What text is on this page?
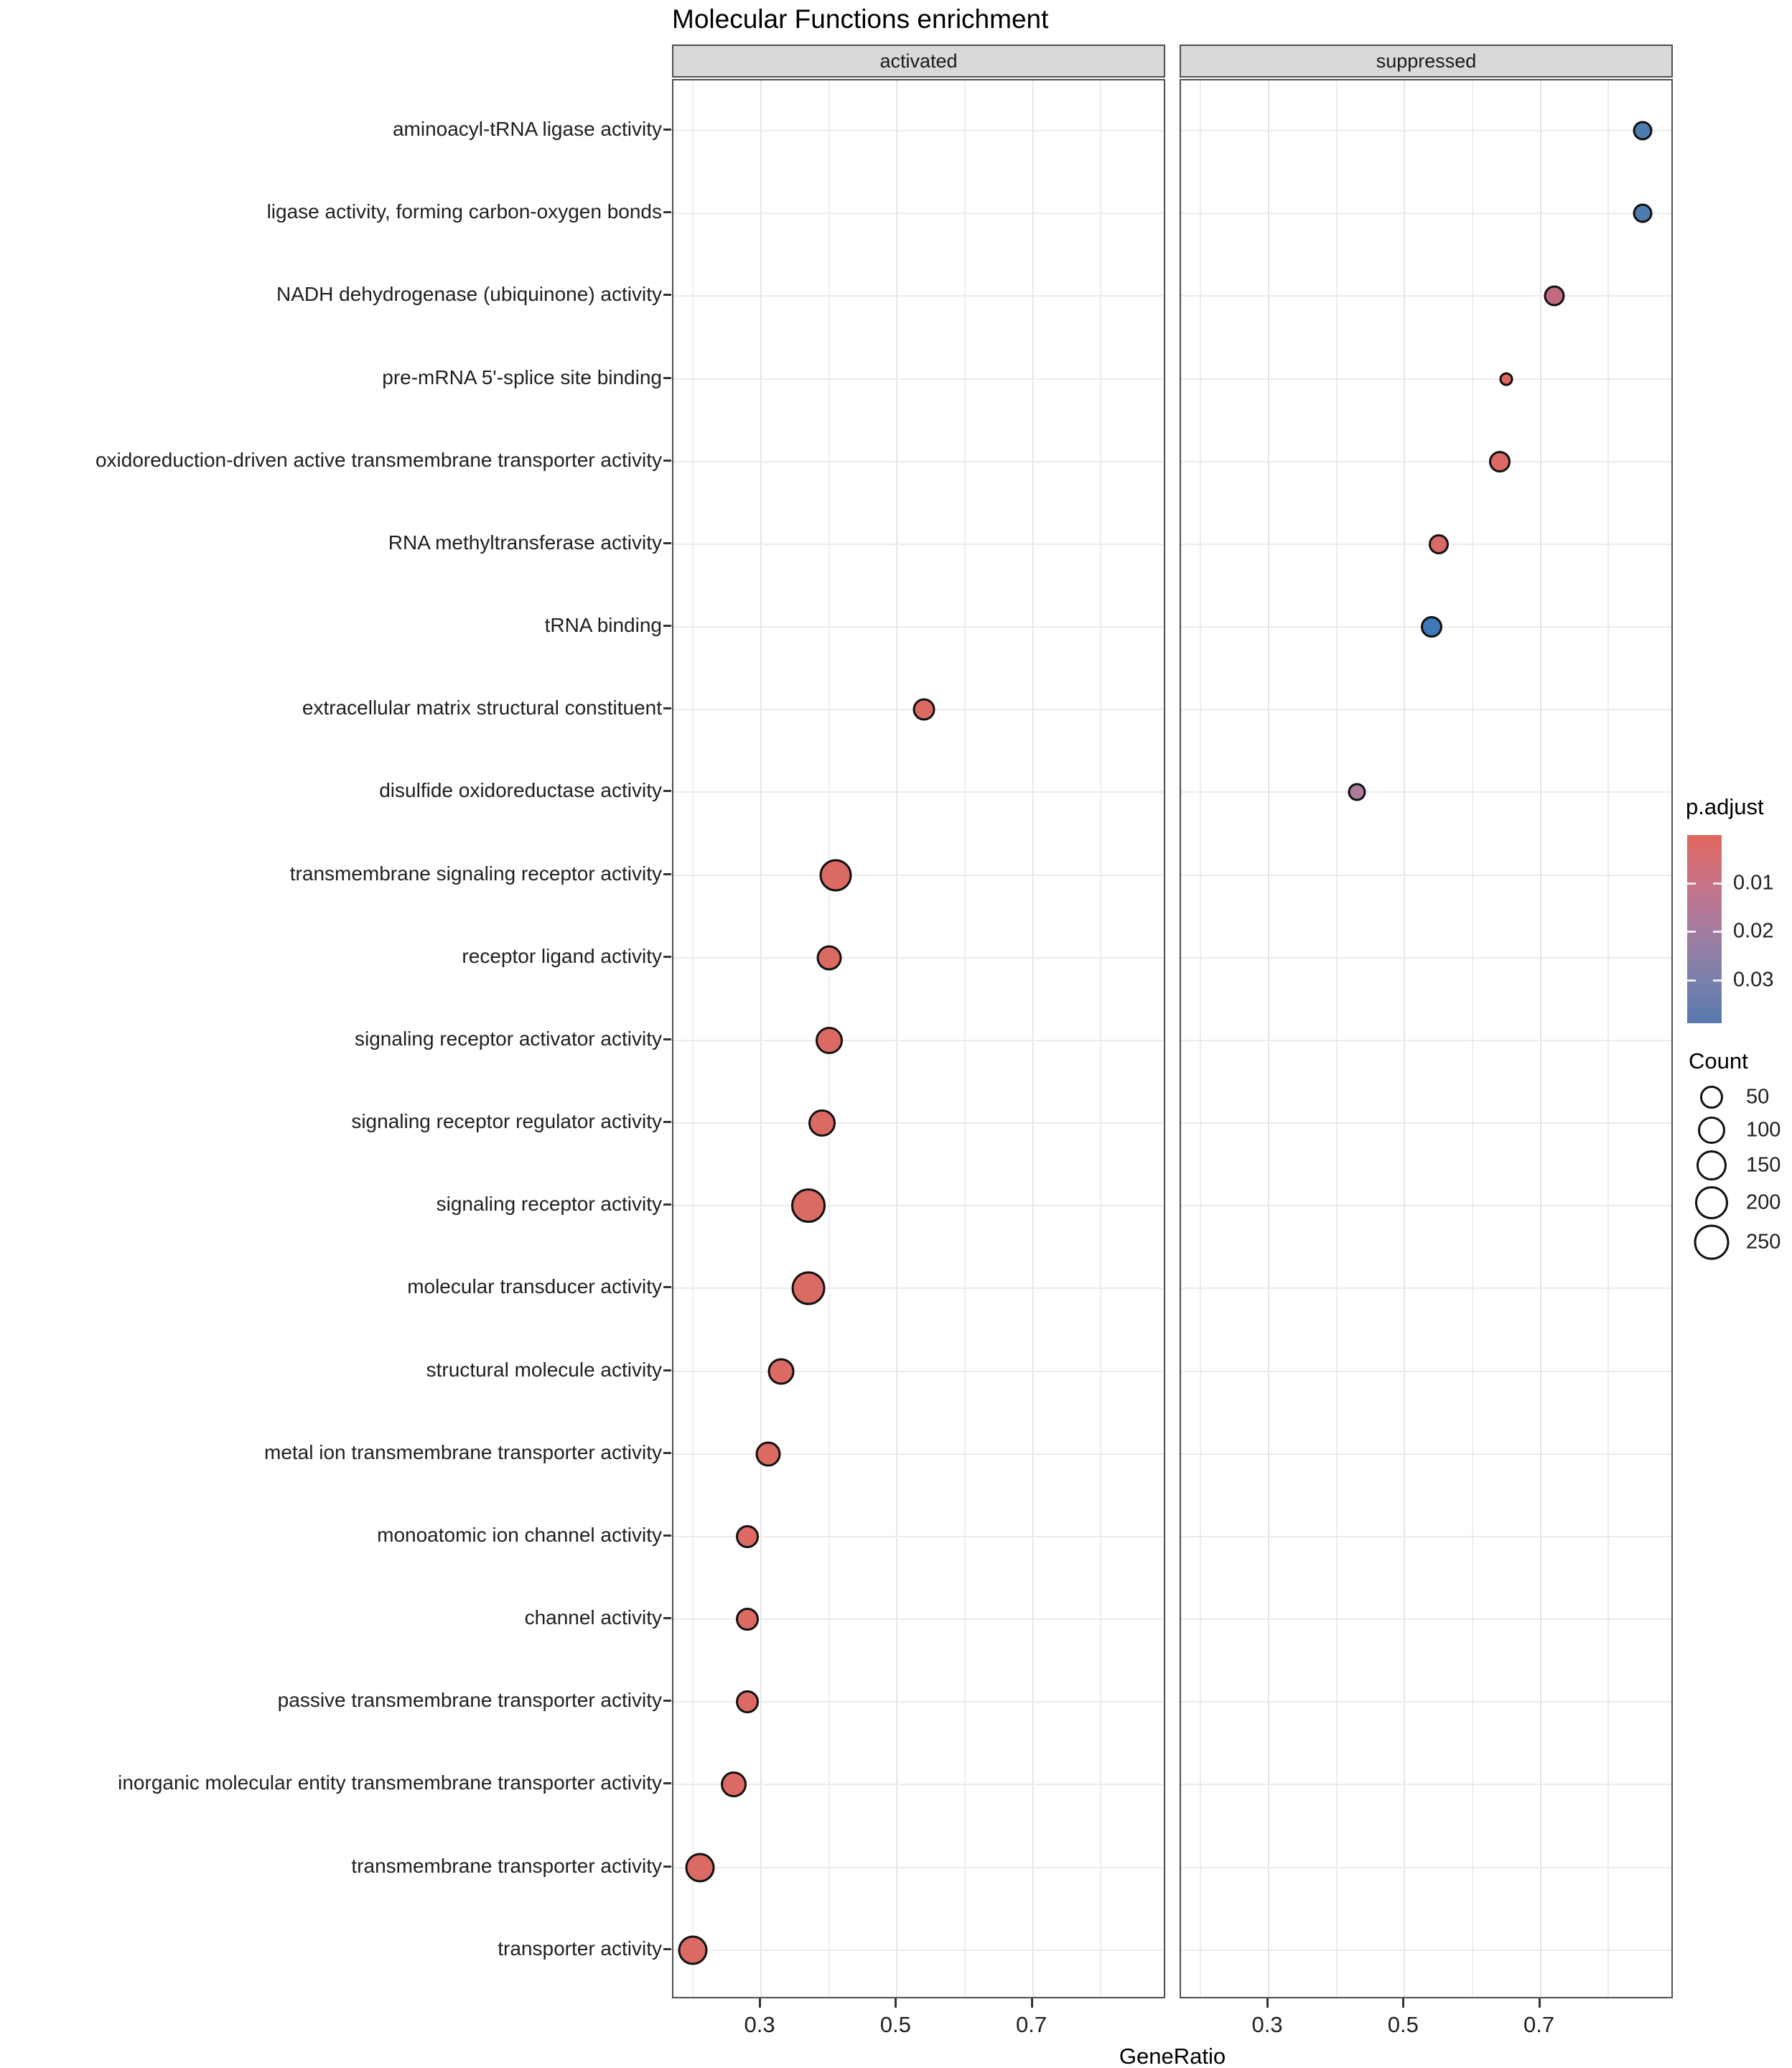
Molecular Functions enrichment
activated	suppressed
aminoacyl-tRNA ligase activity
ligase activity, forming carbon-oxygen bonds
NADH dehydrogenase (ubiquinone) activity
pre-mRNA 5'-splice site binding
oxidoreduction-driven active transmembrane transporter activity
RNA methyltransferase activity
tRNA binding
extracellular matrix structural constituent
disulfide oxidoreductase activity
transmembrane signaling receptor activity
receptor ligand activity
signaling receptor activator activity
signaling receptor regulator activity
signaling receptor activity
molecular transducer activity
structural molecule activity
metal ion transmembrane transporter activity
monoatomic ion channel activity
channel activity
passive transmembrane transporter activity
inorganic molecular entity transmembrane transporter activity
transmembrane transporter activity
transporter activity
0.3	0.5	0.7	0.3	0.5	0.7
GeneRatio
p.adjust
0.01
0.02
0.03
Count
50
100
150
200
250
